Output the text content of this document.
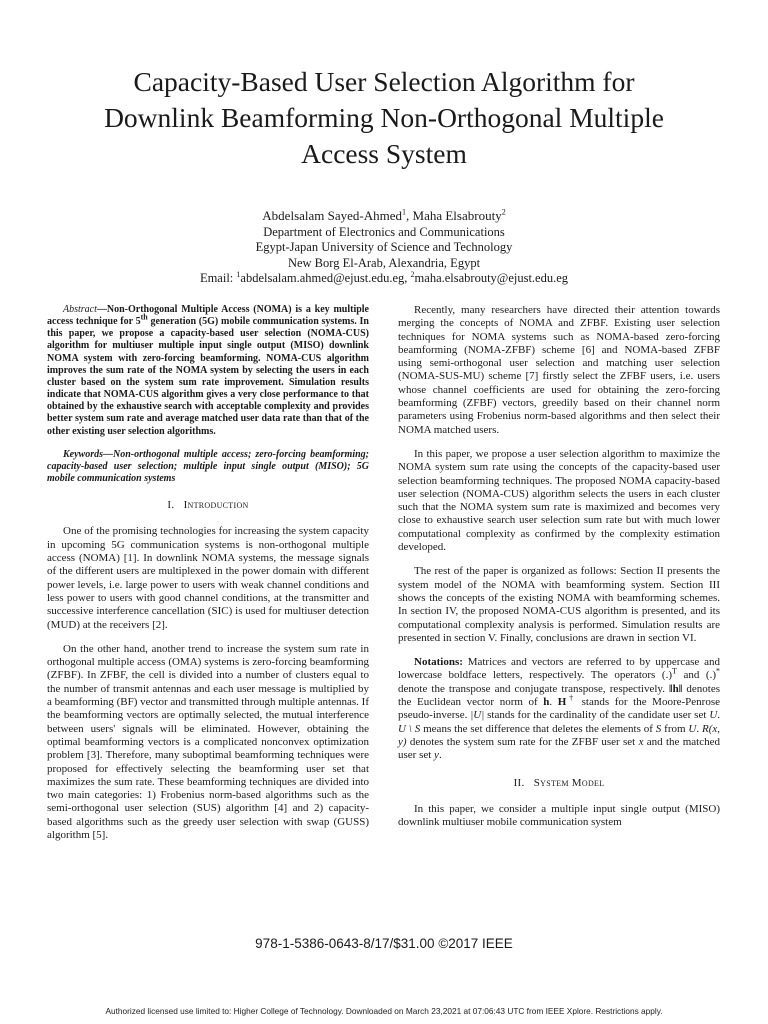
Capacity-Based User Selection Algorithm for
Downlink Beamforming Non-Orthogonal Multiple
Access System
Abdelsalam Sayed-Ahmed$^1$, Maha Elsabrouty$^2$
Department of Electronics and Communications
Egypt-Japan University of Science and Technology
New Borg El-Arab, Alexandria, Egypt
Email: $^1$abdelsalam.ahmed@ejust.edu.eg, $^2$maha.elsabrouty@ejust.edu.eg

Abstract—Non-Orthogonal Multiple Access (NOMA) is a key multiple access technique for 5th generation (5G) mobile communication systems. In this paper, we propose a capacity-based user selection (NOMA-CUS) algorithm for multiuser multiple input single output (MISO) downlink NOMA system with zero-forcing beamforming. NOMA-CUS algorithm improves the sum rate of the NOMA system by selecting the users in each cluster based on the system sum rate improvement. Simulation results indicate that NOMA-CUS algorithm gives a very close performance to that obtained by the exhaustive search with acceptable complexity and provides better system sum rate and average matched user data rate than that of the other existing user selection algorithms.

Keywords—Non-orthogonal multiple access; zero-forcing beamforming; capacity-based user selection; multiple input single output (MISO); 5G mobile communication systems

I. Introduction

One of the promising technologies for increasing the system capacity in upcoming 5G communication systems is non-orthogonal multiple access (NOMA) [1]. In downlink NOMA systems, the message signals of the different users are multiplexed in the power domain with different power levels, i.e. large power to users with weak channel conditions and less power to users with good channel conditions, at the transmitter and successive interference cancellation (SIC) is used for multiuser detection (MUD) at the receivers [2].

On the other hand, another trend to increase the system sum rate in orthogonal multiple access (OMA) systems is zero-forcing beamforming (ZFBF). In ZFBF, the cell is divided into a number of clusters equal to the number of transmit antennas and each user message is multiplied by a beamforming (BF) vector and transmitted through multiple antennas. If the beamforming vectors are optimally selected, the mutual interference between users' signals will be eliminated. However, obtaining the optimal beamforming vectors is a complicated nonconvex optimization problem [3]. Therefore, many suboptimal beamforming techniques were proposed for effectively selecting the beamforming user set that maximizes the sum rate. These beamforming techniques are divided into two main categories: 1) Frobenius norm-based algorithms such as the semi-orthogonal user selection (SUS) algorithm [4] and 2) capacity-based algorithms such as the greedy user selection with swap (GUSS) algorithm [5].

Recently, many researchers have directed their attention towards merging the concepts of NOMA and ZFBF. Existing user selection techniques for NOMA systems such as NOMA-based zero-forcing beamforming (NOMA-ZFBF) scheme [6] and NOMA-based ZFBF using semi-orthogonal user selection and matching user selection (NOMA-SUS-MU) scheme [7] firstly select the ZFBF users, i.e. users whose channel coefficients are used for obtaining the zero-forcing beamforming (ZFBF) vectors, greedily based on their channel norm parameters using Frobenius norm-based algorithms and then select their NOMA matched users.

In this paper, we propose a user selection algorithm to maximize the NOMA system sum rate using the concepts of the capacity-based user selection beamforming techniques. The proposed NOMA capacity-based user selection (NOMA-CUS) algorithm selects the users in each cluster such that the NOMA system sum rate is maximized and becomes very close to exhaustive search user selection sum rate but with much lower computational complexity as confirmed by the complexity estimation developed.

The rest of the paper is organized as follows: Section II presents the system model of the NOMA with beamforming system. Section III shows the concepts of the existing NOMA with beamforming schemes. In section IV, the proposed NOMA-CUS algorithm is presented, and its computational complexity analysis is performed. Simulation results are presented in section V. Finally, conclusions are drawn in section VI.

Notations: Matrices and vectors are referred to by uppercase and lowercase boldface letters, respectively. The operators (.)$^T$ and (.)* denote the transpose and conjugate transpose, respectively. ‖h‖ denotes the Euclidean vector norm of h. H† stands for the Moore-Penrose pseudo-inverse. |U| stands for the cardinality of the candidate user set U. U \ S means the set difference that deletes the elements of S from U. R(x, y) denotes the system sum rate for the ZFBF user set x and the matched user set y.

II. System Model

In this paper, we consider a multiple input single output (MISO) downlink multiuser mobile communication system

978-1-5386-0643-8/17/$31.00 ©2017 IEEE
Authorized licensed use limited to: Higher College of Technology. Downloaded on March 23,2021 at 07:06:43 UTC from IEEE Xplore. Restrictions apply.
